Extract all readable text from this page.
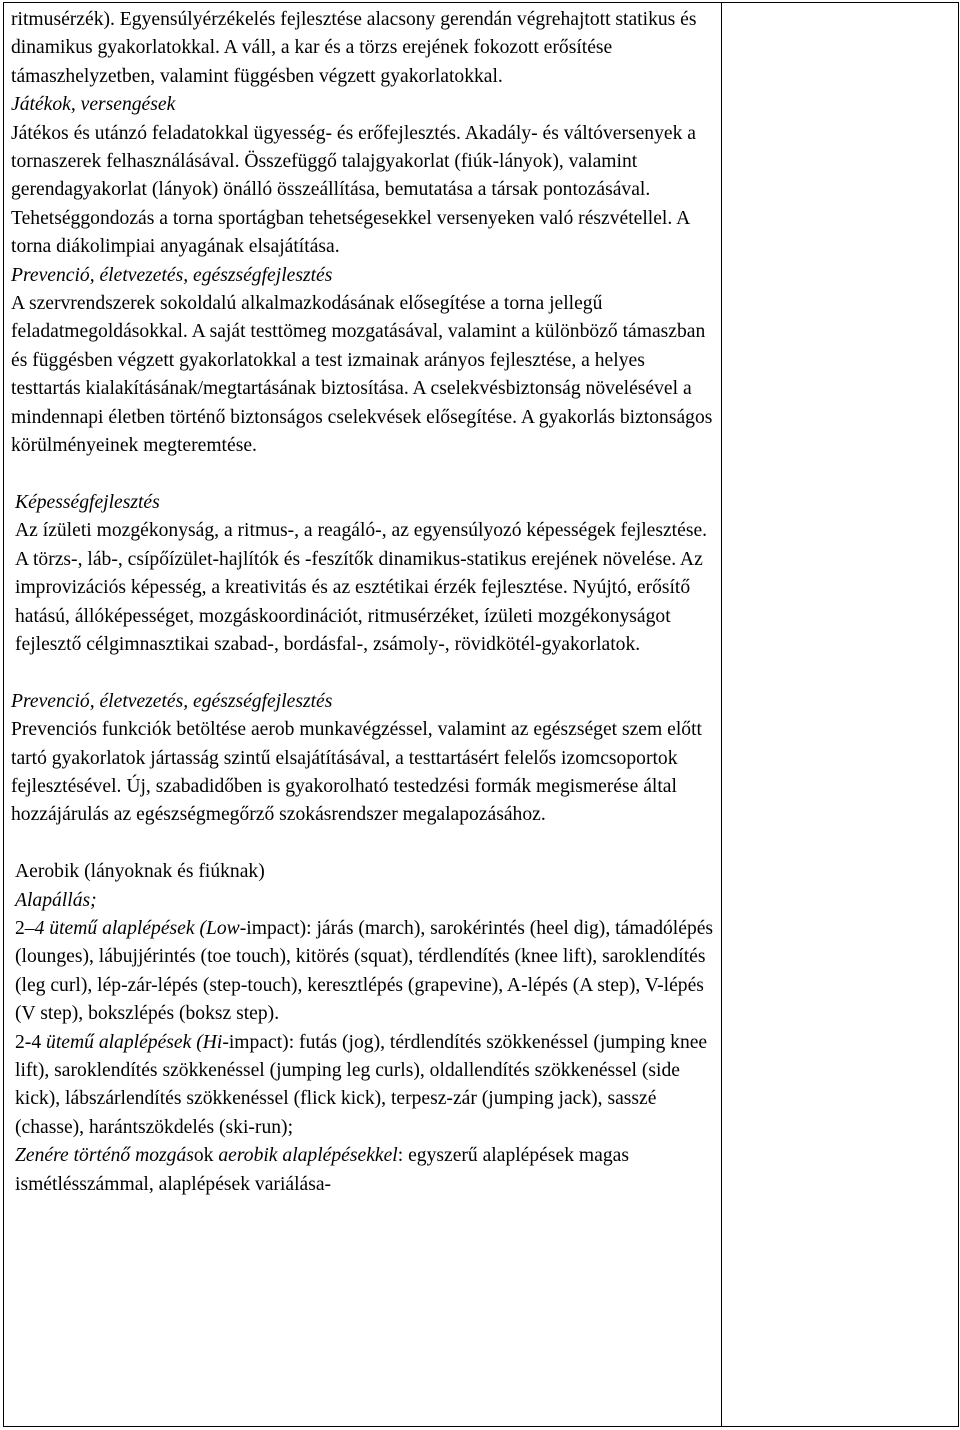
ritmusérzék). Egyensúlyérzékelés fejlesztése alacsony gerendán végrehajtott statikus és dinamikus gyakorlatokkal. A váll, a kar és a törzs erejének fokozott erősítése támaszhelyzetben, valamint függésben végzett gyakorlatokkal.

Játékok, versengések

Játékos és utánzó feladatokkal ügyesség- és erőfejlesztés. Akadály- és váltóversenyek a tornaszerek felhasználásával. Összefüggő talajgyakorlat (fiúk-lányok), valamint gerendagyakorlat (lányok) önálló összeállítása, bemutatása a társak pontozásával. Tehetséggondozás a torna sportágban tehetségesekkel versenyeken való részvétellel. A torna diákolimpiai anyagának elsajátítása.

Prevenció, életvezetés, egészségfejlesztés

A szervrendszerek sokoldalú alkalmazkodásának elősegítése a torna jellegű feladatmegoldásokkal. A saját testtömeg mozgatásával, valamint a különböző támaszban és függésben végzett gyakorlatokkal a test izmainak arányos fejlesztése, a helyes testtartás kialakításának/megtartásának biztosítása. A cselekvésbiztonság növelésével a mindennapi életben történő biztonságos cselekvések elősegítése. A gyakorlás biztonságos körülményeinek megteremtése.

Képességfejlesztés

Az ízületi mozgékonyság, a ritmus-, a reagáló-, az egyensúlyozó képességek fejlesztése. A törzs-, láb-, csípőízület-hajlítók és -feszítők dinamikus-statikus erejének növelése. Az improvizációs képesség, a kreativitás és az esztétikai érzék fejlesztése. Nyújtó, erősítő hatású, állóképességet, mozgáskoordinációt, ritmusérzéket, ízületi mozgékonyságot fejlesztő célgimnasztikai szabad-, bordásfal-, zsámoly-, rövidkötél-gyakorlatok.

Prevenció, életvezetés, egészségfejlesztés

Prevenciós funkciók betöltése aerob munkavégzéssel, valamint az egészséget szem előtt tartó gyakorlatok jártasság szintű elsajátításával, a testtartásért felelős izomcsoportok fejlesztésével. Új, szabadidőben is gyakorolható testedzési formák megismerése által hozzájárulás az egészségmegőrző szokásrendszer megalapozásához.

Aerobik (lányoknak és fiúknak)

Alapállás;

2–4 ütemű alaplépések (Low-impact): járás (march), sarokérintés (heel dig), támadólépés (lounges), lábujjérintés (toe touch), kitörés (squat), térdlendítés (knee lift), saroklendítés (leg curl), lép-zár-lépés (step-touch), keresztlépés (grapevine), A-lépés (A step), V-lépés (V step), bokszlépés (boksz step).

2-4 ütemű alaplépések (Hi-impact): futás (jog), térdlendítés szökkenéssel (jumping knee lift), saroklendítés szökkenéssel (jumping leg curls), oldallendítés szökkenéssel (side kick), lábszárlendítés szökkenéssel (flick kick), terpesz-zár (jumping jack), sasszé (chasse), harántszökdelés (ski-run);

Zenére történő mozgások aerobik alaplépésekkel: egyszerű alaplépések magas ismétlésszámmal, alaplépések variálása-
